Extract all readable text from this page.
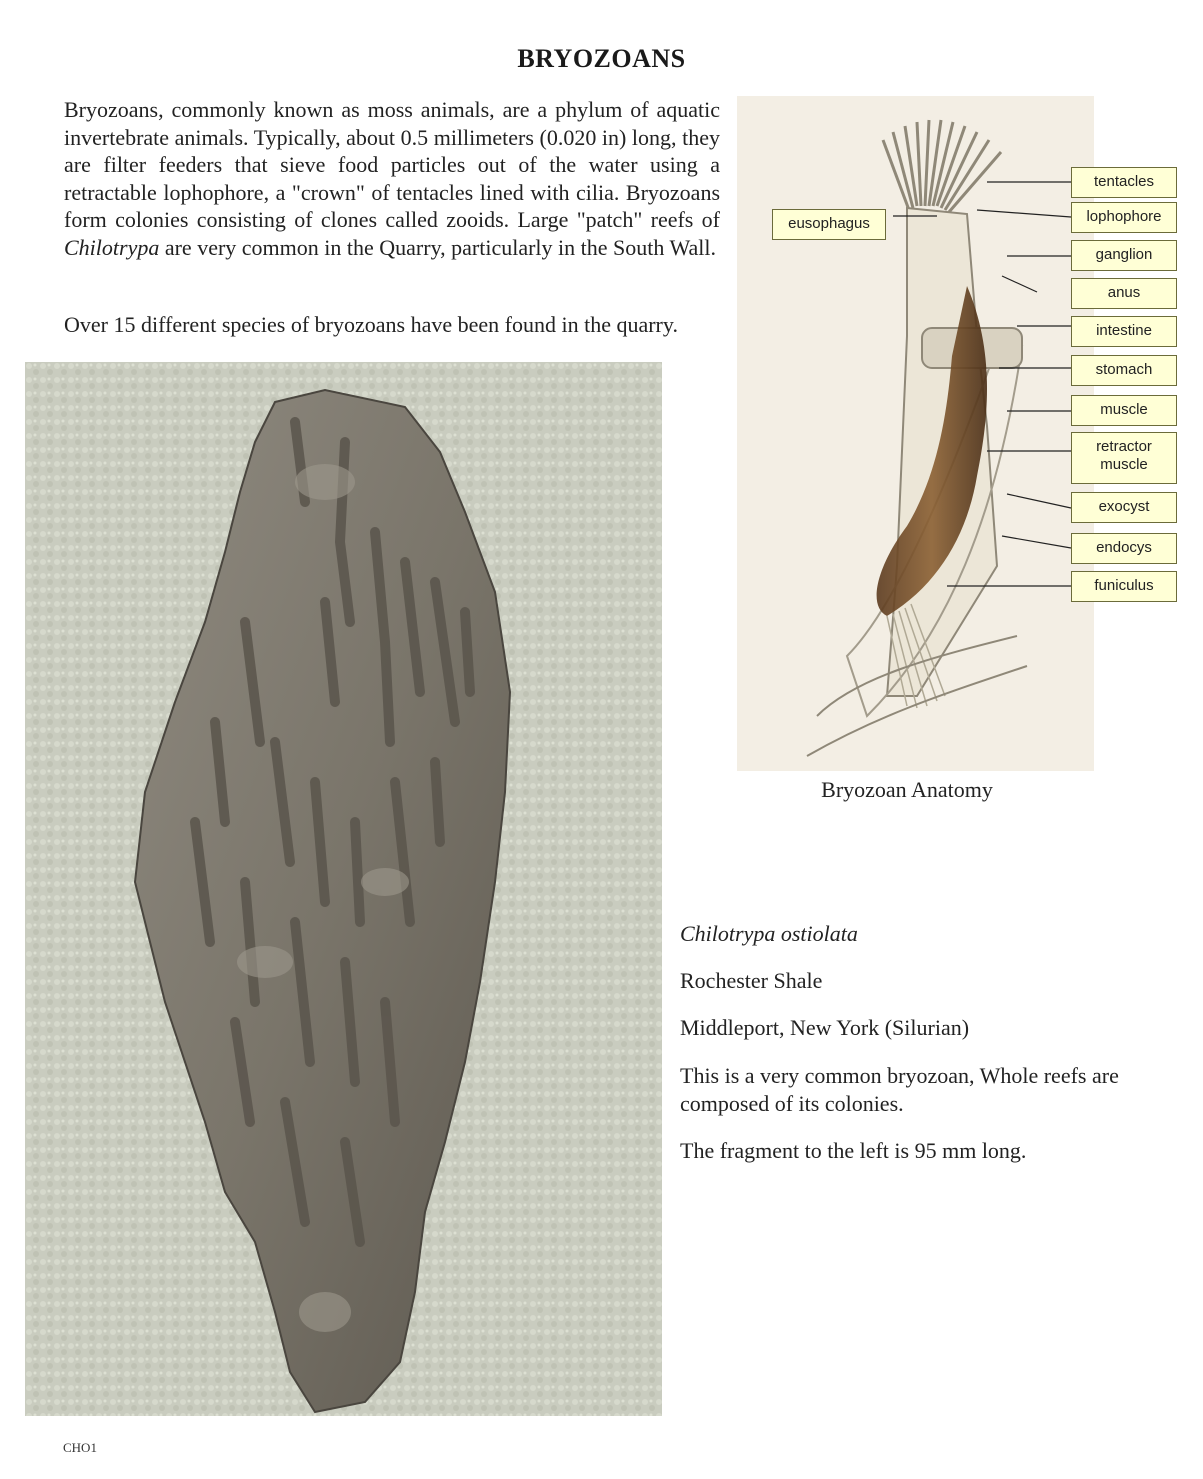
BRYOZOANS

Bryozoans, commonly known as moss animals, are a phylum of aquatic invertebrate animals. Typically, about 0.5 millimeters (0.020 in) long, they are filter feeders that sieve food particles out of the water using a retractable lophophore, a "crown" of tentacles lined with cilia. Bryozoans form colonies consisting of clones called zooids. Large "patch" reefs of Chilotrypa are very common in the Quarry, particularly in the South Wall.

Over 15 different species of bryozoans have been found in the quarry.

eusophagus
tentacles
lophophore
ganglion
anus
intestine
stomach
muscle
retractor
muscle
exocyst
endocys
funiculus
Bryozoan Anatomy

Chilotrypa ostiolata

Rochester Shale

Middleport, New York (Silurian)

This is a very common bryozoan, Whole reefs are composed of its colonies.

The fragment to the left is 95 mm long.

CHO1
